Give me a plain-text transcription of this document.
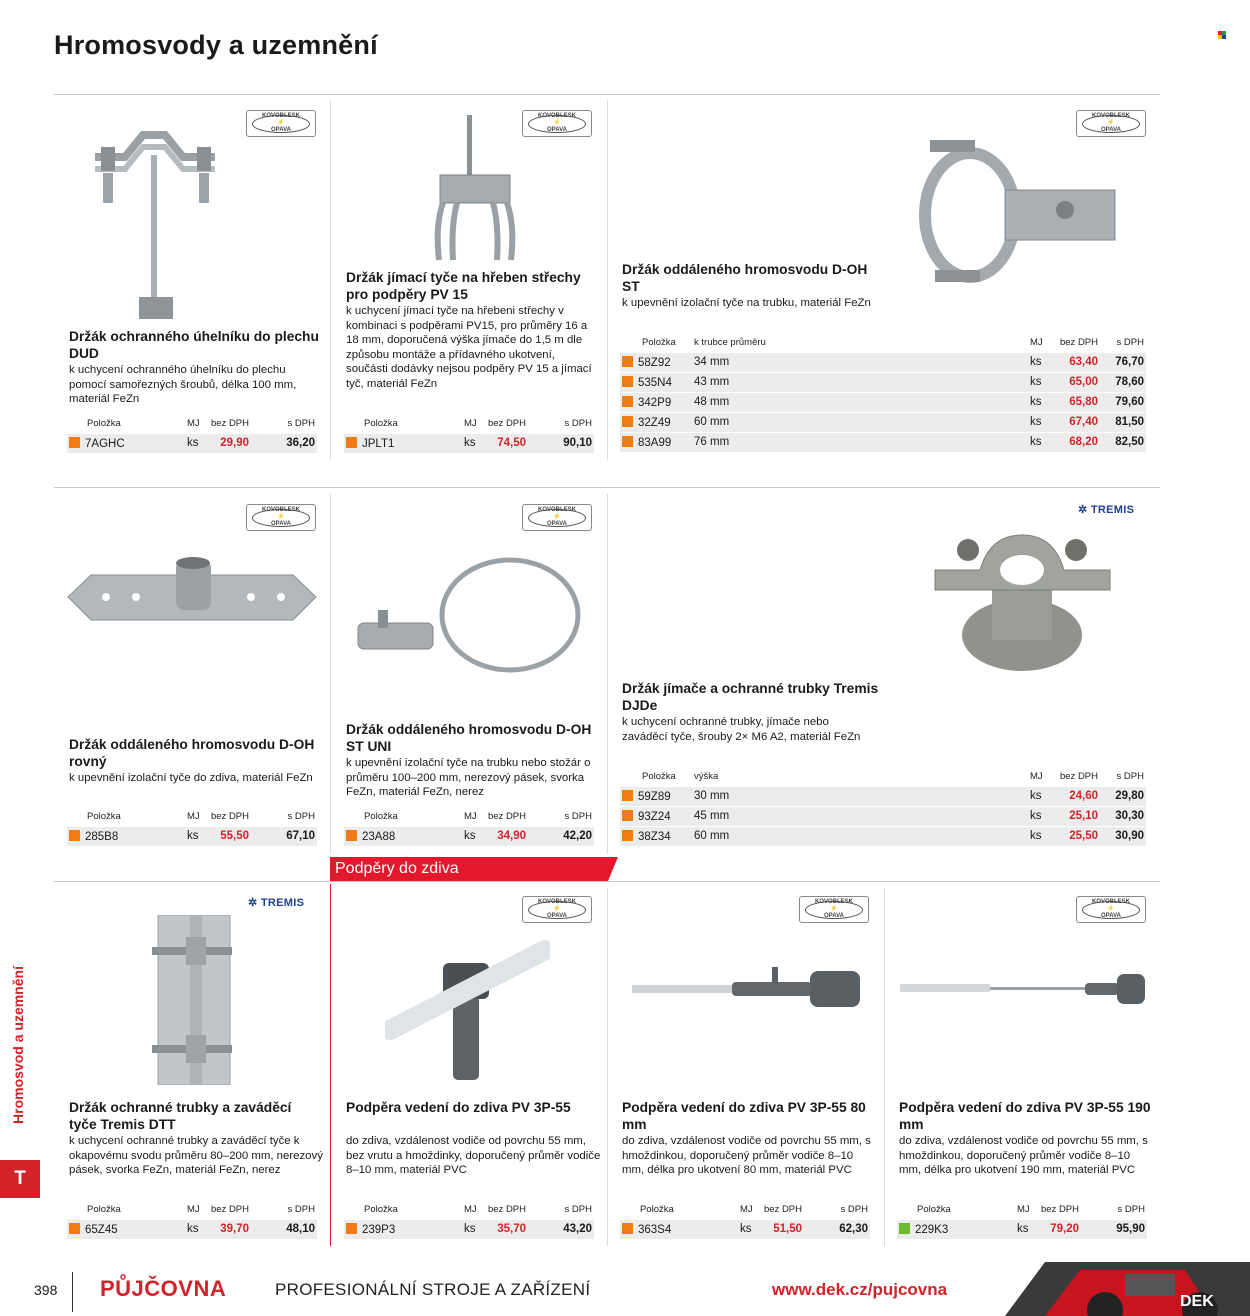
Hromosvody a uzemnění
Hromosvod a uzemnění
T
Podpěry do zdiva
KOVOBLESK
⚡
OPAVA
Držák ochranného úhelníku do plechu DUD
k uchycení ochranného úhelníku do plechu pomocí samořezných šroubů, délka 100 mm, materiál FeZn
Položka	MJ	bez DPH	s DPH
7AGHC	ks	29,90	36,20
KOVOBLESK
⚡
OPAVA
Držák jímací tyče na hřeben střechy pro podpěry PV 15
k uchycení jímací tyče na hřebeni střechy v kombinaci s podpěrami PV15, pro průměry 16 a 18 mm, doporučená výška jímače do 1,5 m dle způsobu montáže a přídavného ukotvení, součásti dodávky nejsou podpěry PV 15 a jímací tyč, materiál FeZn
Položka	MJ	bez DPH	s DPH
JPLT1	ks	74,50	90,10
KOVOBLESK
⚡
OPAVA
Držák oddáleného hromosvodu D-OH ST
k upevnění izolační tyče na trubku, materiál FeZn
Položka	k trubce průměru	MJ	bez DPH	s DPH
58Z92	34 mm	ks	63,40	76,70
535N4	43 mm	ks	65,00	78,60
342P9	48 mm	ks	65,80	79,60
32Z49	60 mm	ks	67,40	81,50
83A99	76 mm	ks	68,20	82,50
KOVOBLESK
⚡
OPAVA
Držák oddáleného hromosvodu D-OH rovný
k upevnění izolační tyče do zdiva, materiál FeZn
Položka	MJ	bez DPH	s DPH
285B8	ks	55,50	67,10
KOVOBLESK
⚡
OPAVA
Držák oddáleného hromosvodu D-OH ST UNI
k upevnění izolační tyče na trubku nebo stožár o průměru 100–200 mm, nerezový pásek, svorka FeZn, materiál FeZn, nerez
Položka	MJ	bez DPH	s DPH
23A88	ks	34,90	42,20
✲ TREMIS
Držák jímače a ochranné trubky Tremis DJDe
k uchycení ochranné trubky, jímače nebo zaváděcí tyče, šrouby 2× M6 A2, materiál FeZn
Položka	výška	MJ	bez DPH	s DPH
59Z89	30 mm	ks	24,60	29,80
93Z24	45 mm	ks	25,10	30,30
38Z34	60 mm	ks	25,50	30,90
✲ TREMIS
Držák ochranné trubky a zaváděcí tyče Tremis DTT
k uchycení ochranné trubky a zaváděcí tyče k okapovému svodu průměru 80–200 mm, nerezový pásek, svorka FeZn, materiál FeZn, nerez
Položka	MJ	bez DPH	s DPH
65Z45	ks	39,70	48,10
KOVOBLESK
⚡
OPAVA
Podpěra vedení do zdiva PV 3P-55
do zdiva, vzdálenost vodiče od povrchu 55 mm, bez vrutu a hmoždinky, doporučený průměr vodiče 8–10 mm, materiál PVC
Položka	MJ	bez DPH	s DPH
239P3	ks	35,70	43,20
KOVOBLESK
⚡
OPAVA
Podpěra vedení do zdiva PV 3P-55 80 mm
do zdiva, vzdálenost vodiče od povrchu 55 mm, s hmoždinkou, doporučený průměr vodiče 8–10 mm, délka pro ukotvení 80 mm, materiál PVC
Položka	MJ	bez DPH	s DPH
363S4	ks	51,50	62,30
KOVOBLESK
⚡
OPAVA
Podpěra vedení do zdiva PV 3P-55 190 mm
do zdiva, vzdálenost vodiče od povrchu 55 mm, s hmoždinkou, doporučený průměr vodiče 8–10 mm, délka pro ukotvení 190 mm, materiál PVC
Položka	MJ	bez DPH	s DPH
229K3	ks	79,20	95,90
398 PŮJČOVNA	PROFESIONÁLNÍ STROJE A ZAŘÍZENÍ	www.dek.cz/pujcovna
DEK
